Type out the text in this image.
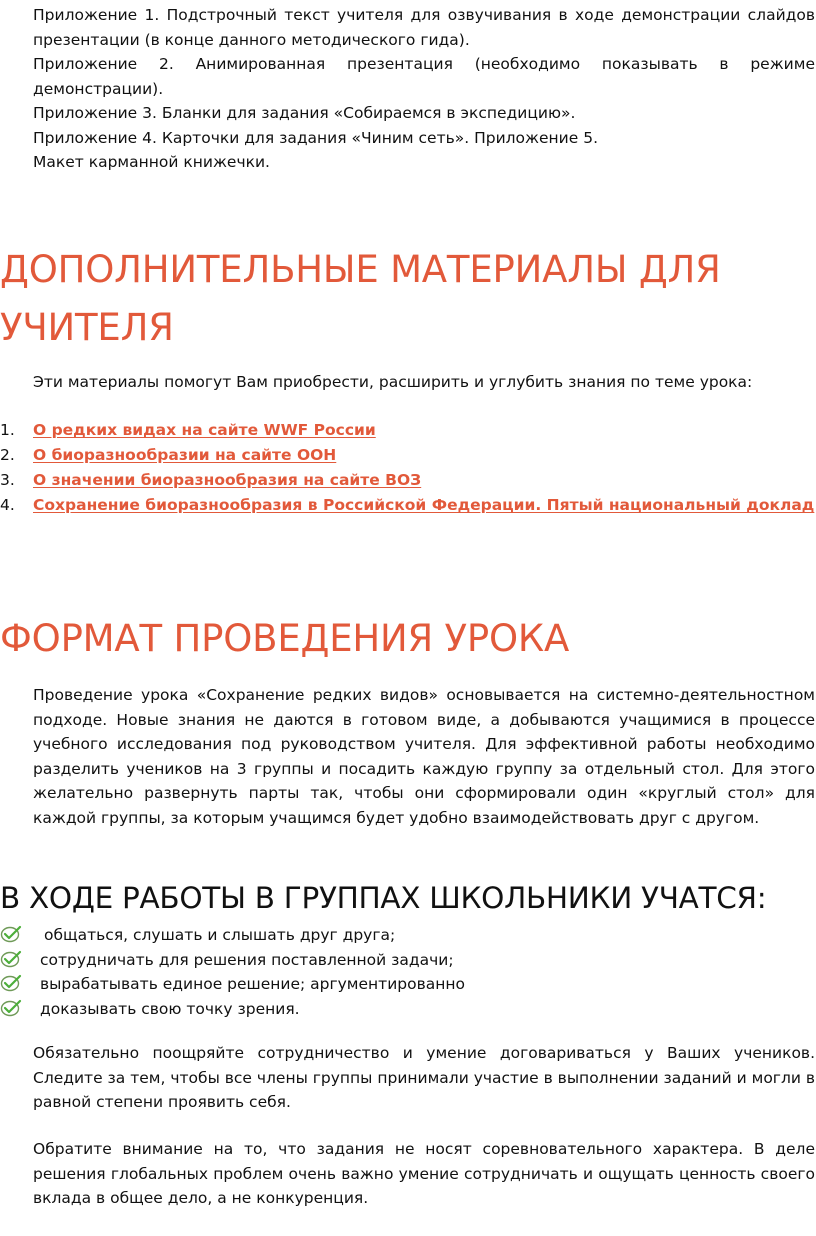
Приложение 1. Подстрочный текст учителя для озвучивания в ходе демонстрации слайдов презентации (в конце данного методического гида).

Приложение 2. Анимированная презентация (необходимо показывать в режиме демонстрации).

Приложение 3. Бланки для задания «Собираемся в экспедицию».

Приложение 4. Карточки для задания «Чиним сеть». Приложение 5.

Макет карманной книжечки.

ДОПОЛНИТЕЛЬНЫЕ МАТЕРИАЛЫ ДЛЯ
УЧИТЕЛЯ

Эти материалы помогут Вам приобрести, расширить и углубить знания по теме урока:

1. О редких видах на сайте WWF России
2. О биоразнообразии на сайте ООН
3. О значении биоразнообразия на сайте ВОЗ
4. Сохранение биоразнообразия в Российской Федерации. Пятый национальный доклад
ФОРМАТ ПРОВЕДЕНИЯ УРОКА

Проведение урока «Сохранение редких видов» основывается на системно-деятельностном подходе. Новые знания не даются в готовом виде, а добываются учащимися в процессе учебного исследования под руководством учителя. Для эффективной работы необходимо разделить учеников на 3 группы и посадить каждую группу за отдельный стол. Для этого желательно развернуть парты так, чтобы они сформировали один «круглый стол» для каждой группы, за которым учащимся будет удобно взаимодействовать друг с другом.

В ХОДЕ РАБОТЫ В ГРУППАХ ШКОЛЬНИКИ УЧАТСЯ:
общаться, слушать и слышать друг друга;
сотрудничать для решения поставленной задачи;
вырабатывать единое решение; аргументированно
доказывать свою точку зрения.

Обязательно поощряйте сотрудничество и умение договариваться у Ваших учеников. Следите за тем, чтобы все члены группы принимали участие в выполнении заданий и могли в равной степени проявить себя.

Обратите внимание на то, что задания не носят соревновательного характера. В деле решения глобальных проблем очень важно умение сотрудничать и ощущать ценность своего вклада в общее дело, а не конкуренция.
